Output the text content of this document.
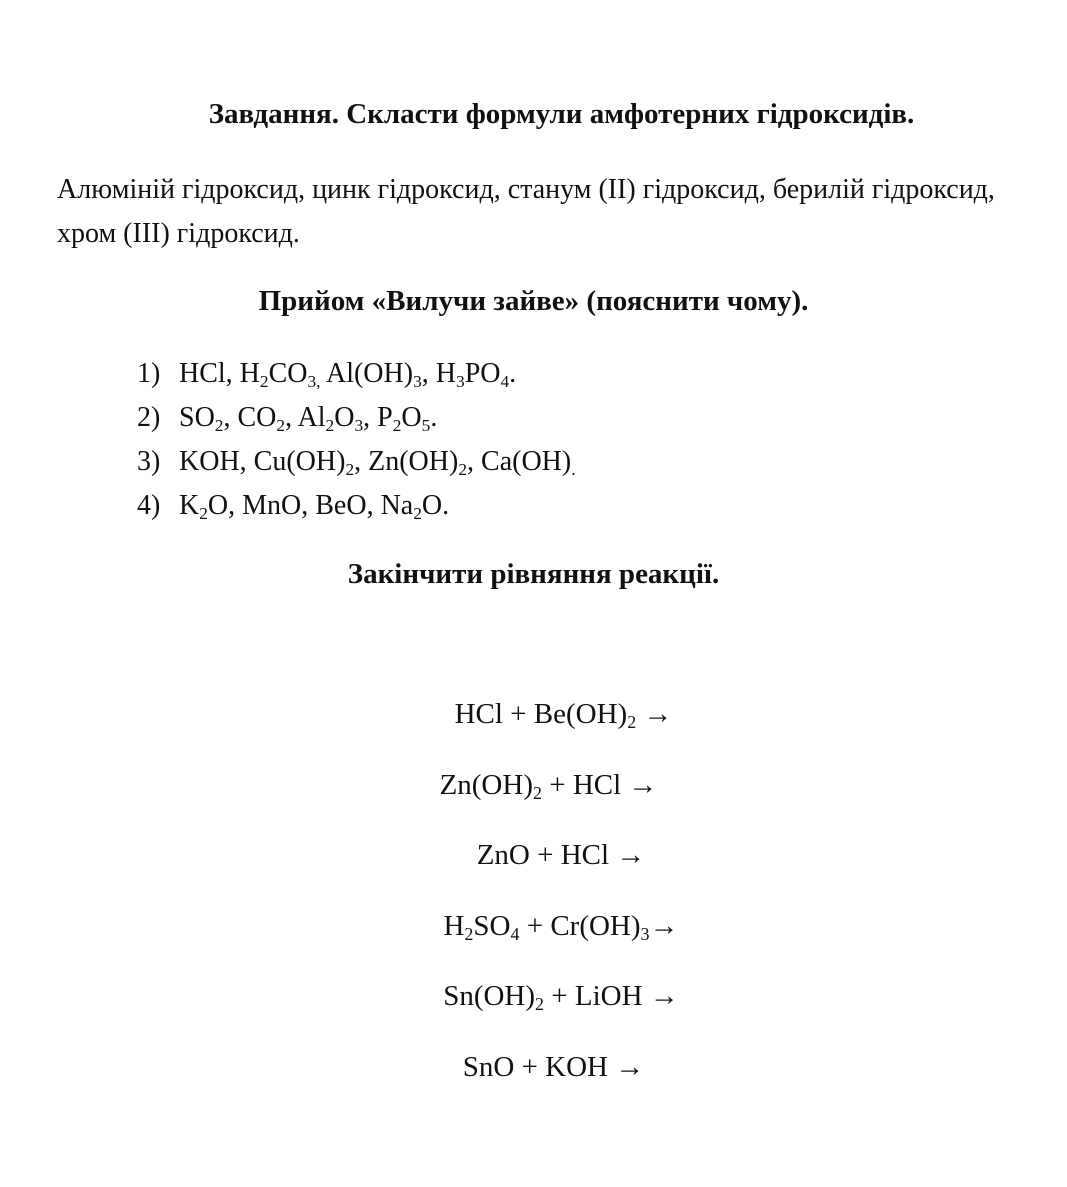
Завдання. Скласти формули амфотерних гідроксидів.

Алюміній гідроксид, цинк гідроксид, станум (ІІ) гідроксид, берилій гідроксид, хром (ІІІ) гідроксид.

Прийом «Вилучи зайве» (пояснити чому).
1) HCl, $H_2CO_{3,}$ $Al(OH)_3$, $H_3PO_4$.
2) $SO_2$, $CO_2$, $Al_2O_3$, $P_2O_5$.
3) KOH, $Cu(OH)_2$, $Zn(OH)_2$, $Ca(OH)_.$
4) $K_2O$, MnO, BeO, $Na_2O$.
Закінчити рівняння реакції.
HCl + $Be(OH)_2$ →
$Zn(OH)_2$ + HCl →
ZnO + HCl →
$H_2SO_4 + Cr(OH)_3\to$
$Sn(OH)_2$ + LiOH →
SnO + KOH →
